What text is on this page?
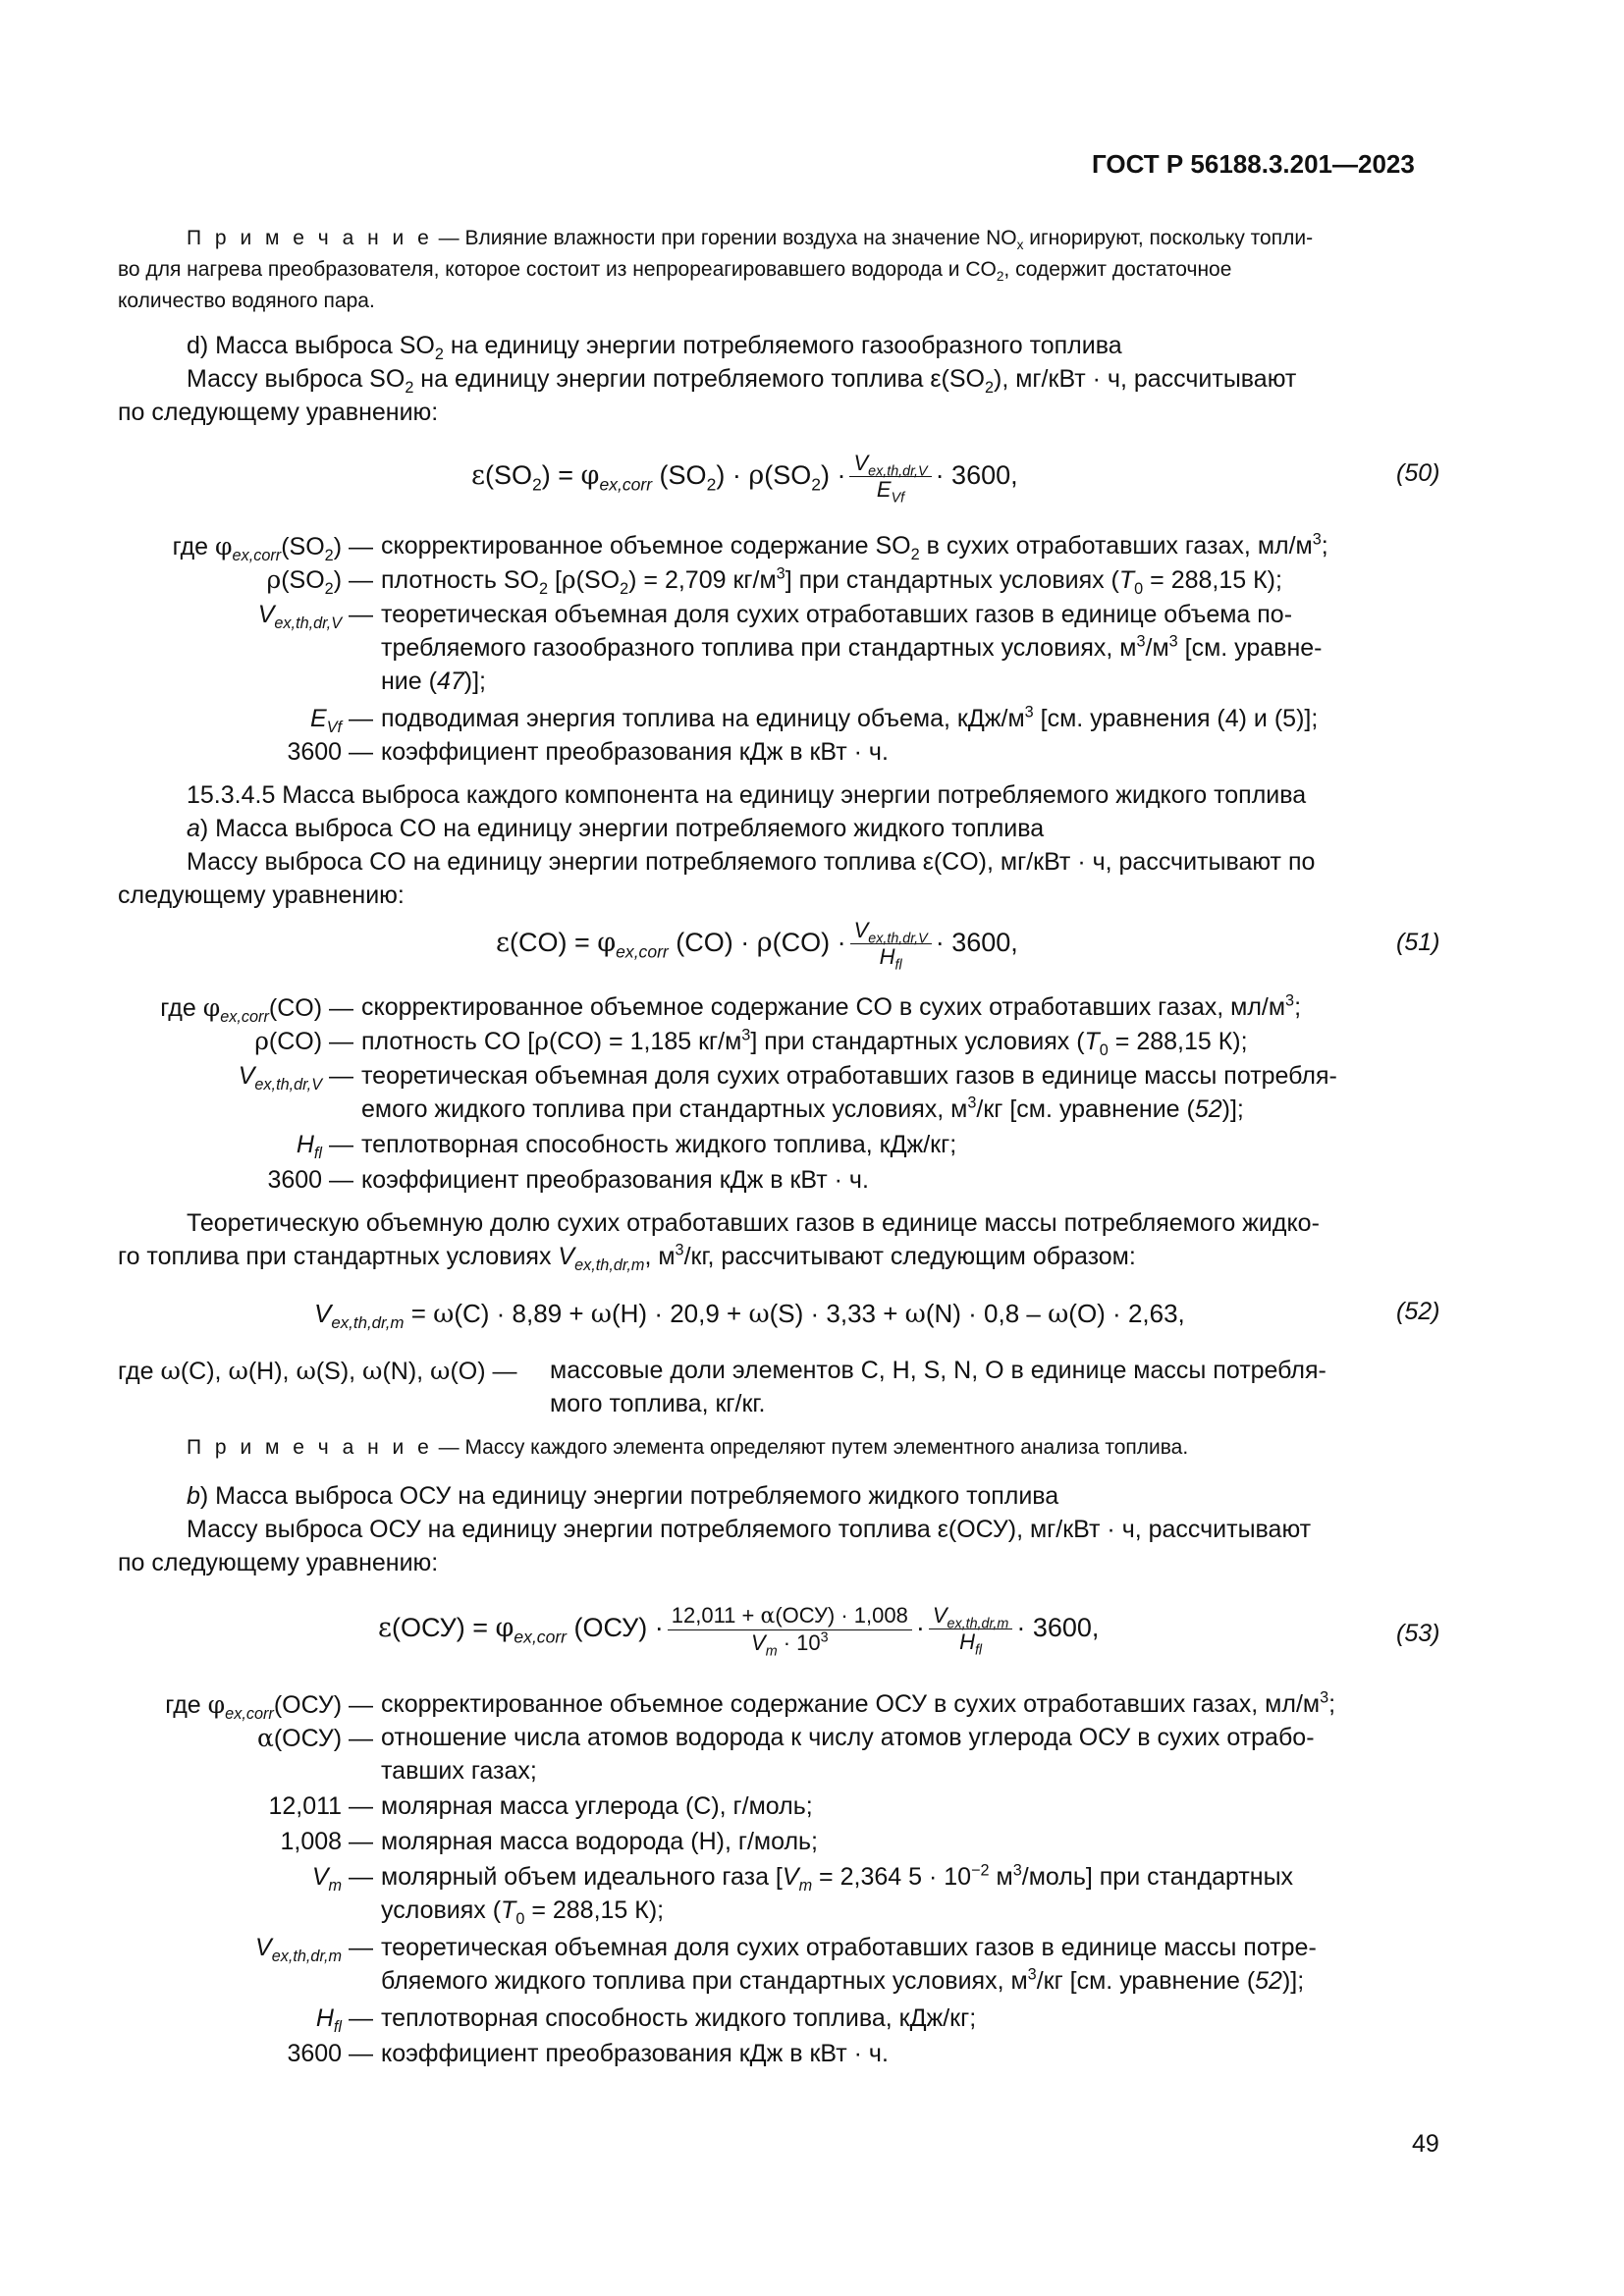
ГОСТ Р 56188.3.201—2023
П р и м е ч а н и е — Влияние влажности при горении воздуха на значение $NO_x$ игнорируют, поскольку топли-
во для нагрева преобразователя, которое состоит из непрореагировавшего водорода и $CO_2$, содержит достаточное
количество водяного пара.
d) Масса выброса $SO_2$ на единицу энергии потребляемого газообразного топлива
Массу выброса $SO_2$ на единицу энергии потребляемого топлива $\varepsilon(SO_2)$, мг/кВт · ч, рассчитывают
по следующему уравнению:
$\varepsilon(SO_2) = \varphi_{ex,corr}$ $(SO_2) \cdot \rho(SO_2) \cdot \frac{V_{ex,th,dr,V}}{E_{Vf}} \cdot 3600$,	(50)
где $\varphi_{ex,corr}(SO_2)$ — скорректированное объемное содержание $SO_2$ в сухих отработавших газах, $мл/м^3$;
$\rho(SO_2)$ — плотность $SO_2$ [$\rho(SO_2) = 2,709$ $кг/м^3$] при стандартных условиях ($T_0 = 288,15$ К);
$V_{ex,th,dr,V}$ — теоретическая объемная доля сухих отработавших газов в единице объема по-
требляемого газообразного топлива при стандартных условиях, $м^3/м^3$ [см. уравне-
ние (47)];
$E_{Vf}$ — подводимая энергия топлива на единицу объема, кДж/$м^3$ [см. уравнения (4) и (5)];
3600 — коэффициент преобразования кДж в кВт · ч.
15.3.4.5 Масса выброса каждого компонента на единицу энергии потребляемого жидкого топлива
a) Масса выброса CO на единицу энергии потребляемого жидкого топлива
Массу выброса CO на единицу энергии потребляемого топлива ε(CO), мг/кВт · ч, рассчитывают по
следующему уравнению:
$\varepsilon(CO) = \varphi_{ex,corr}$ $(CO) \cdot \rho(CO) \cdot \frac{V_{ex,th,dr,V}}{H_{fl}} \cdot 3600$,	(51)
где $\varphi_{ex,corr}(CO)$ — скорректированное объемное содержание CO в сухих отработавших газах, $мл/м^3$;
ρ(CO) — плотность CO [ρ(CO) = 1,185 $кг/м^3$] при стандартных условиях ($T_0 = 288,15$ К);
$V_{ex,th,dr,V}$ — теоретическая объемная доля сухих отработавших газов в единице массы потребля-
емого жидкого топлива при стандартных условиях, $м^3/кг$ [см. уравнение (52)];
$H_{fl}$ — теплотворная способность жидкого топлива, кДж/кг;
3600 — коэффициент преобразования кДж в кВт · ч.
Теоретическую объемную долю сухих отработавших газов в единице массы потребляемого жидко-
го топлива при стандартных условиях $V_{ex,th,dr,m}$, $м^3/кг$, рассчитывают следующим образом:
$V_{ex,th,dr,m} = \omega(C) \cdot 8,89 + \omega(H) \cdot 20,9 + \omega(S) \cdot 3,33 + \omega(N) \cdot 0,8 - \omega(O) \cdot 2,63$,	(52)
где ω(C), ω(H), ω(S), ω(N), ω(O) — массовые доли элементов C, H, S, N, O в единице массы потребля-
мого топлива, кг/кг.
П р и м е ч а н и е — Массу каждого элемента определяют путем элементного анализа топлива.
b) Масса выброса ОСУ на единицу энергии потребляемого жидкого топлива
Массу выброса ОСУ на единицу энергии потребляемого топлива ε(ОСУ), мг/кВт · ч, рассчитывают
по следующему уравнению:
$\varepsilon(ОСУ) = \varphi_{ex,corr}$ $(ОСУ) \cdot \frac{\text{12,011 + α(ОСУ) · 1,008}}{V_m \cdot 10^3} \cdot \frac{V_{ex,th,dr,m}}{H_{fl}} \cdot 3600$,	(53)
где $\varphi_{ex,corr}(ОСУ)$ — скорректированное объемное содержание ОСУ в сухих отработавших газах, $мл/м^3$;
α(ОСУ) — отношение числа атомов водорода к числу атомов углерода ОСУ в сухих отрабо-
тавших газах;
12,011 — молярная масса углерода (C), г/моль;
1,008 — молярная масса водорода (H), г/моль;
$V_m$ — молярный объем идеального газа [$V_m = 2,364$ $5 \cdot 10^{-2}$ $м^3/моль$] при стандартных
условиях ($T_0 = 288,15$ К);
$V_{ex,th,dr,m}$ — теоретическая объемная доля сухих отработавших газов в единице массы потре-
бляемого жидкого топлива при стандартных условиях, $м^3/кг$ [см. уравнение (52)];
$H_{fl}$ — теплотворная способность жидкого топлива, кДж/кг;
3600 — коэффициент преобразования кДж в кВт · ч.
49
